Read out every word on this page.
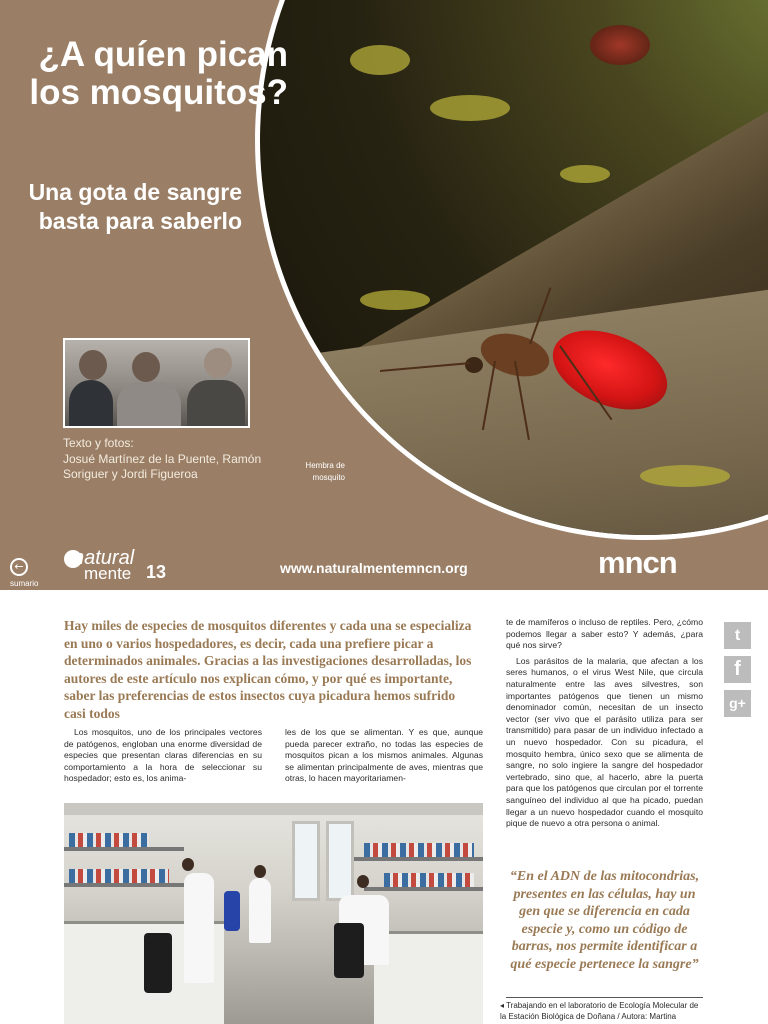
¿A quíen pican los mosquitos?
Una gota de sangre basta para saberlo
Texto y fotos:
Josué Martínez de la Puente, Ramón Soriguer y Jordi Figueroa
Hembra de mosquito
←
sumario
natural
mente 13	www.naturalmentemncn.org	mncn
Hay miles de especies de mosquitos diferentes y cada una se especializa en uno o varios hospedadores, es decir, cada una prefiere picar a determinados animales. Gracias a las investigaciones desarrolladas, los autores de este artículo nos explican cómo, y por qué es importante, saber las preferencias de estos insectos cuya picadura hemos sufrido casi todos
Los mosquitos, uno de los principales vectores de patógenos, engloban una enorme diversidad de especies que presentan claras diferencias en su comportamiento a la hora de seleccionar su hospedador; esto es, los anima-
les de los que se alimentan. Y es que, aunque pueda parecer extraño, no todas las especies de mosquitos pican a los mismos animales. Algunas se alimentan principalmente de aves, mientras que otras, lo hacen mayoritariamen-

te de mamíferos o incluso de reptiles. Pero, ¿cómo podemos llegar a saber esto? Y además, ¿para qué nos sirve?

Los parásitos de la malaria, que afectan a los seres humanos, o el virus West Nile, que circula naturalmente entre las aves silvestres, son importantes patógenos que tienen un mismo denominador común, necesitan de un insecto vector (ser vivo que el parásito utiliza para ser transmitido) para pasar de un individuo infectado a un nuevo hospedador. Con su picadura, el mosquito hembra, único sexo que se alimenta de sangre, no solo ingiere la sangre del hospedador vertebrado, sino que, al hacerlo, abre la puerta para que los patógenos que circulan por el torrente sanguíneo del individuo al que ha picado, puedan llegar a un nuevo hospedador cuando el mosquito pique de nuevo a otra persona o animal.

“En el ADN de las mitocondrias, presentes en las células, hay un gen que se diferencia en cada especie y, como un código de barras, nos permite identificar a qué especie pertenece la sangre”
◂ Trabajando en el laboratorio de Ecología Molecular de la Estación Biológica de Doñana / Autora: Martina
t
f
g+
